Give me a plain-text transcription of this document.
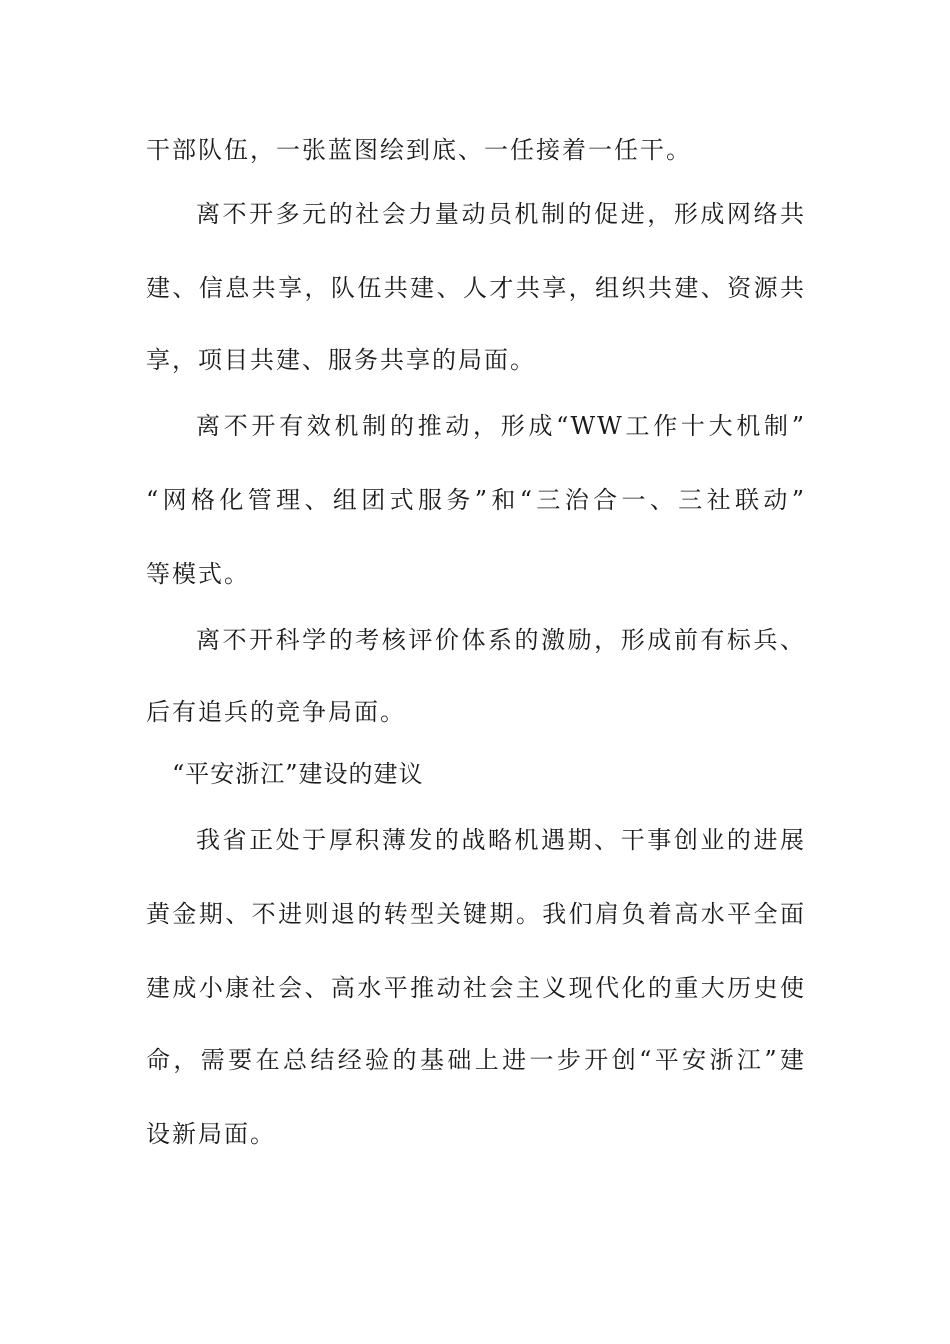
干部队伍，一张蓝图绘到底、一任接着一任干。
离不开多元的社会力量动员机制的促进，形成网络共
建、信息共享，队伍共建、人才共享，组织共建、资源共
享，项目共建、服务共享的局面。
离不开有效机制的推动，形成“WW工作十大机制”
“网格化管理、组团式服务”和“三治合一、三社联动”
等模式。
离不开科学的考核评价体系的激励，形成前有标兵、
后有追兵的竞争局面。
“平安浙江”建设的建议
我省正处于厚积薄发的战略机遇期、干事创业的进展
黄金期、不进则退的转型关键期。我们肩负着高水平全面
建成小康社会、高水平推动社会主义现代化的重大历史使
命，需要在总结经验的基础上进一步开创“平安浙江”建
设新局面。
